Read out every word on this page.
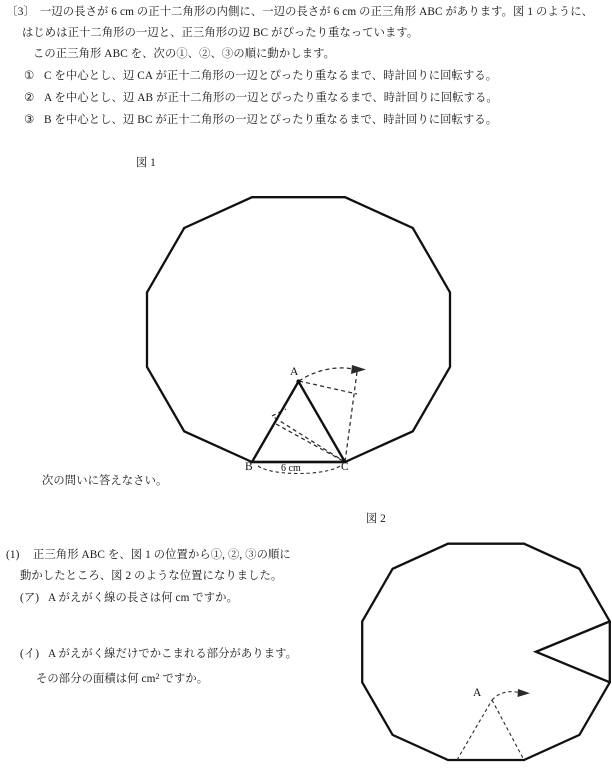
〔3〕 一辺の長さが 6 cm の正十二角形の内側に、一辺の長さが 6 cm の正三角形 ABC があります。図 1 のように、
はじめは正十二角形の一辺と、正三角形の辺 BC がぴったり重なっています。
この正三角形 ABC を、次の①、②、③の順に動かします。
① C を中心とし、辺 CA が正十二角形の一辺とぴったり重なるまで、時計回りに回転する。
② A を中心とし、辺 AB が正十二角形の一辺とぴったり重なるまで、時計回りに回転する。
③ B を中心とし、辺 BC が正十二角形の一辺とぴったり重なるまで、時計回りに回転する。
図 1
A
B	C
6 cm
次の問いに答えなさい。
(1) 正三角形 ABC を、図 1 の位置から①, ②, ③の順に
動かしたところ、図 2 のような位置になりました。
(ア) A がえがく線の長さは何 cm ですか。
(イ) A がえがく線だけでかこまれる部分があります。
その部分の面積は何 $cm^2$ ですか。
図 2
A
